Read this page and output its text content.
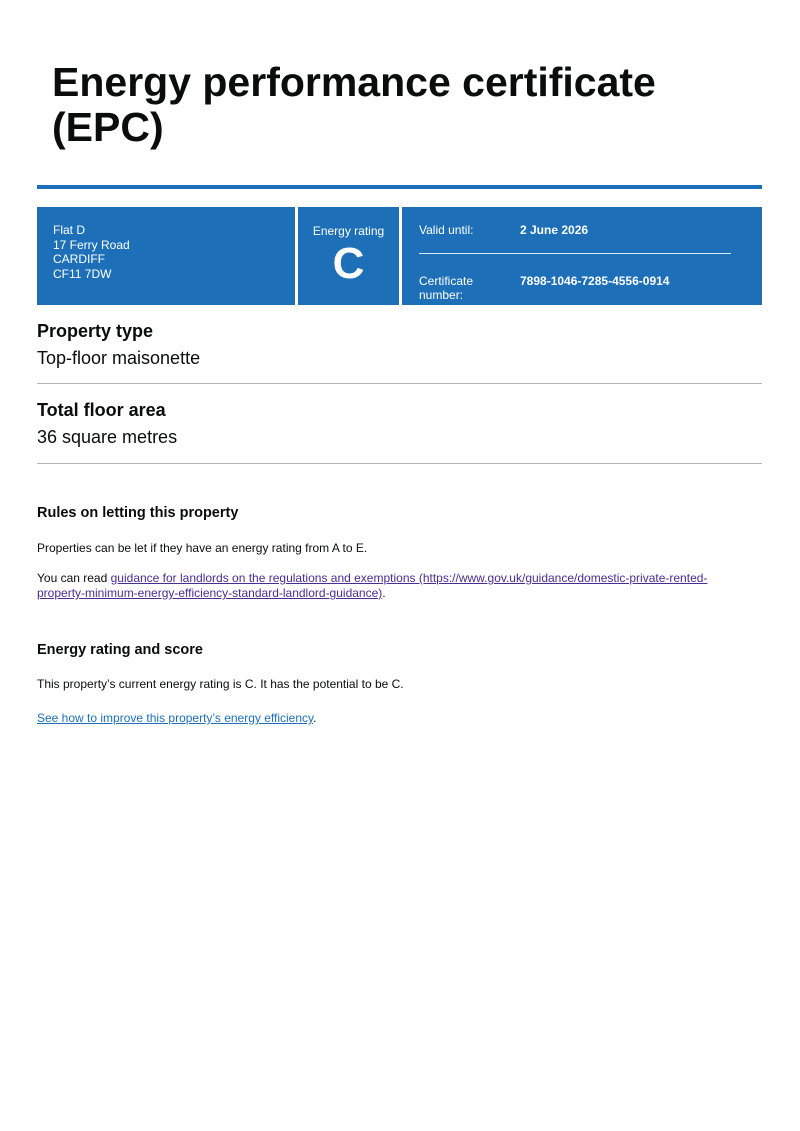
Energy performance certificate
(EPC)
Flat D
17 Ferry Road
CARDIFF
CF11 7DW
Energy rating
C
Valid until:	2 June 2026
Certificate
number:
7898-1046-7285-4556-0914
Property type
Top-floor maisonette
Total floor area
36 square metres
Rules on letting this property
Properties can be let if they have an energy rating from A to E.
You can read guidance for landlords on the regulations and exemptions (https://www.gov.uk/guidance/domestic-private-rented-
property-minimum-energy-efficiency-standard-landlord-guidance).
Energy rating and score
This property’s current energy rating is C. It has the potential to be C.
See how to improve this property’s energy efficiency.
